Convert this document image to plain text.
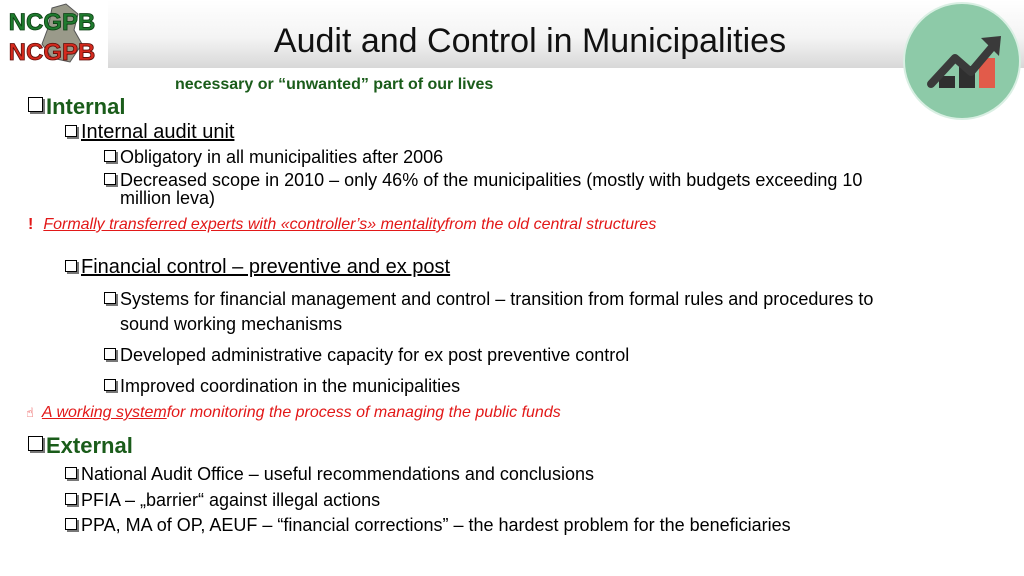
NCGPB
NCGPB	Audit and Control in Municipalities
necessary or “unwanted” part of our lives
Internal
Internal audit unit
Obligatory in all municipalities after 2006
Decreased scope in 2010 – only 46% of the municipalities (mostly with budgets exceeding 10
million leva)
! Formally transferred experts with «controller’s» mentality from the old central structures
Financial control – preventive and ex post
Systems for financial management and control – transition from formal rules and procedures to
sound working mechanisms
Developed administrative capacity for ex post preventive control
Improved coordination in the municipalities
☝ A working system for monitoring the process of managing the public funds
External
National Audit Office – useful recommendations and conclusions
PFIA – „barrier“ against illegal actions
PPA, MA of OP, AEUF – “financial corrections” – the hardest problem for the beneficiaries
